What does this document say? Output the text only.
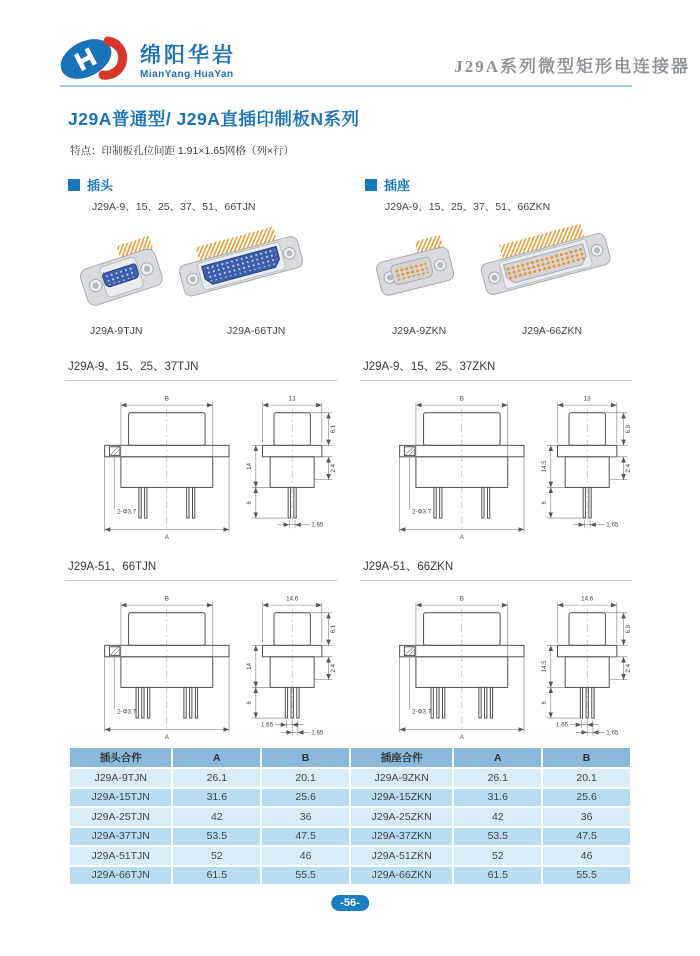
绵阳华岩
MianYang HuaYan	J29A系列微型矩形电连接器
J29A普通型/ J29A直插印制板N系列
特点：印制板孔位间距 1.91×1.65网格（列×行）
插头	插座
J29A-9、15、25、37、51、66TJN	J29A-9、15、25、37、51、66ZKN
J29A-9TJN	J29A-66TJN	J29A-9ZKN	J29A-66ZKN
J29A-9、15、25、37TJN
B
A
2-Φ3.7
13
14
6
6.1
2.4
1.65
J29A-9、15、25、37ZKN
B
A
2-Φ3.7
13
14.5
6
6.9
2.4
1.65
J29A-51、66TJN
B
A
2-Φ3.7
14.6
14
6
6.1
2.4
1.65
1.65
J29A-51、66ZKN
B
A
2-Φ3.7
14.6
14.5
6
6.9
2.4
1.65
1.65
插头合件	A	B	插座合件	A	B
J29A-9TJN	26.1	20.1	J29A-9ZKN	26.1	20.1
J29A-15TJN	31.6	25.6	J29A-15ZKN	31.6	25.6
J29A-25TJN	42	36	J29A-25ZKN	42	36
J29A-37TJN	53.5	47.5	J29A-37ZKN	53.5	47.5
J29A-51TJN	52	46	J29A-51ZKN	52	46
J29A-66TJN	61.5	55.5	J29A-66ZKN	61.5	55.5
-56-
